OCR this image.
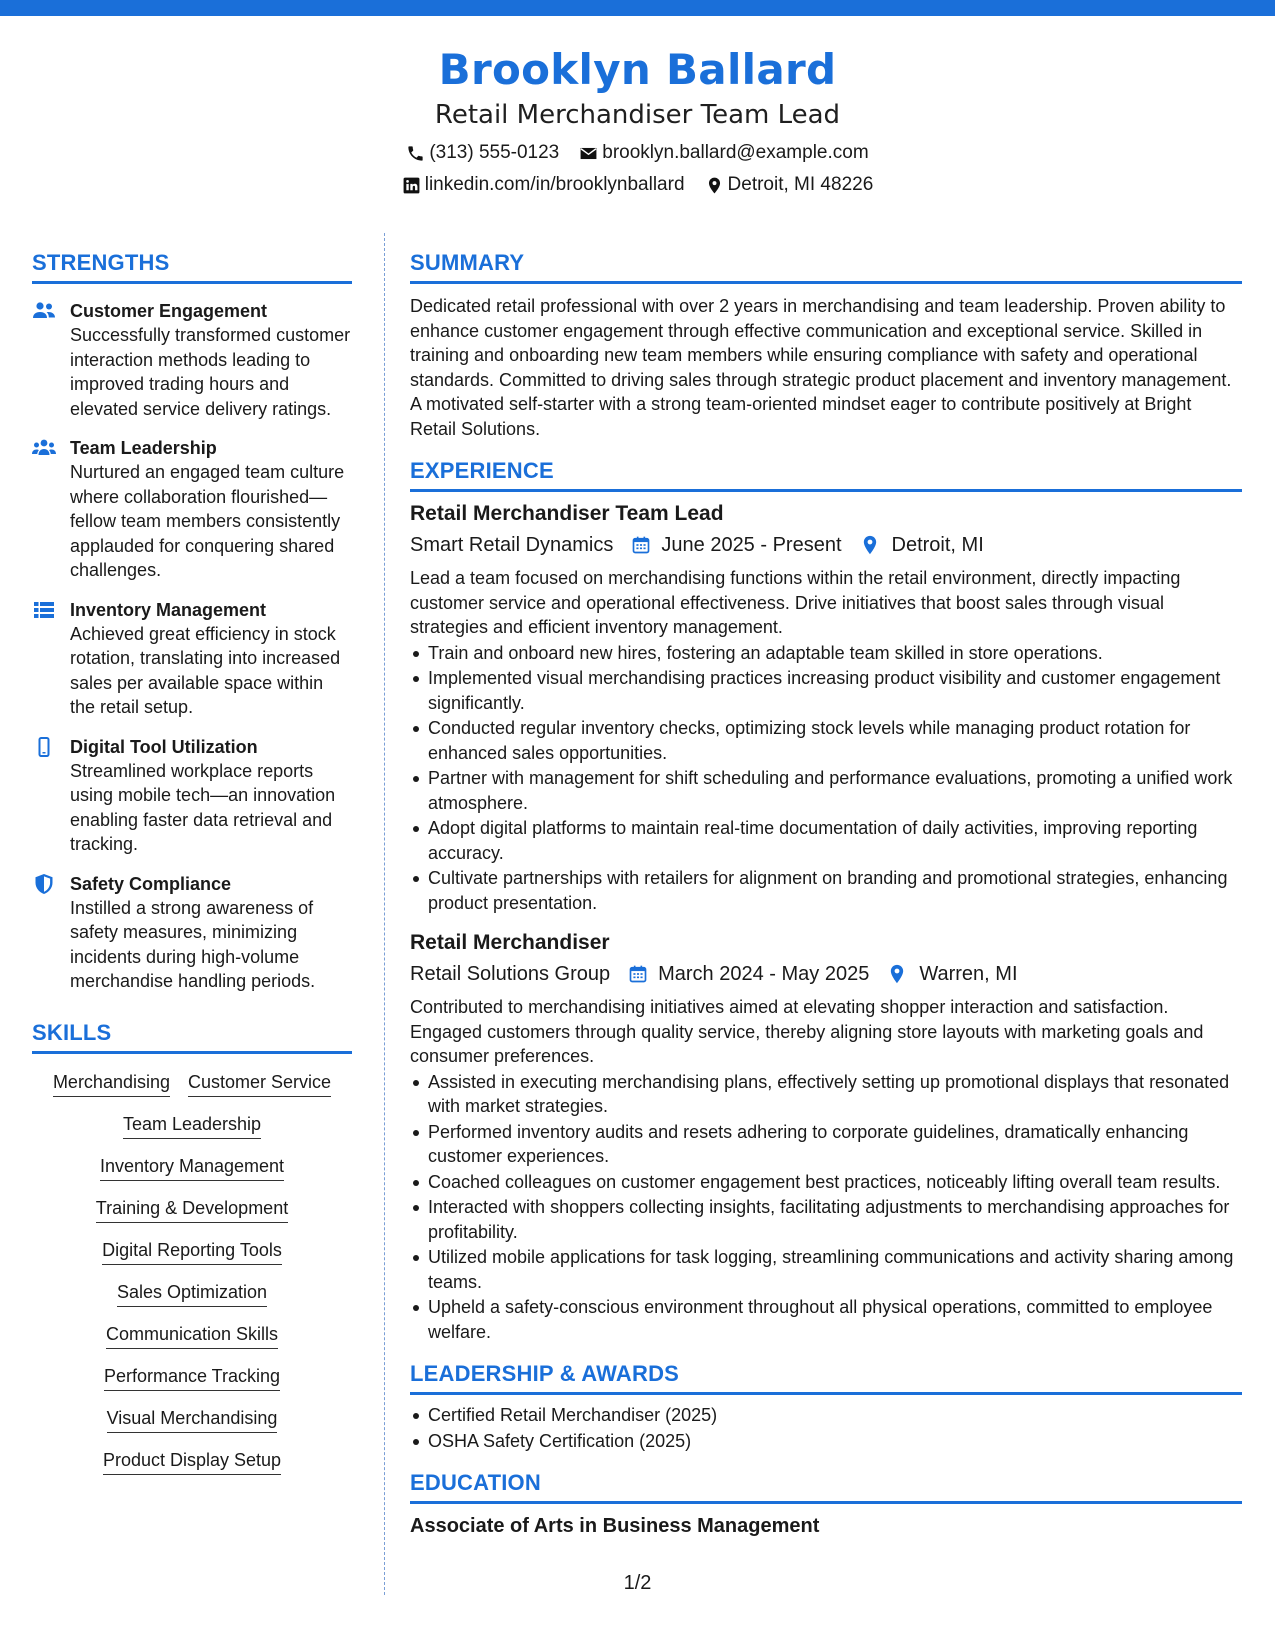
Brooklyn Ballard
Retail Merchandiser Team Lead
(313) 555-0123 brooklyn.ballard@example.com
linkedin.com/in/brooklynballard Detroit, MI 48226
STRENGTHS
Customer Engagement
Successfully transformed customer interaction methods leading to improved trading hours and elevated service delivery ratings.
Team Leadership
Nurtured an engaged team culture where collaboration flourished—fellow team members consistently applauded for conquering shared challenges.
Inventory Management
Achieved great efficiency in stock rotation, translating into increased sales per available space within the retail setup.
Digital Tool Utilization
Streamlined workplace reports using mobile tech—an innovation enabling faster data retrieval and tracking.
Safety Compliance
Instilled a strong awareness of safety measures, minimizing incidents during high-volume merchandise handling periods.
SKILLS
Merchandising Customer Service
Team Leadership
Inventory Management
Training & Development
Digital Reporting Tools
Sales Optimization
Communication Skills
Performance Tracking
Visual Merchandising
Product Display Setup
SUMMARY
Dedicated retail professional with over 2 years in merchandising and team leadership. Proven ability to enhance customer engagement through effective communication and exceptional service. Skilled in training and onboarding new team members while ensuring compliance with safety and operational standards. Committed to driving sales through strategic product placement and inventory management. A motivated self-starter with a strong team-oriented mindset eager to contribute positively at Bright Retail Solutions.
EXPERIENCE
Retail Merchandiser Team Lead
Smart Retail Dynamics June 2025 - Present	Detroit, MI
Lead a team focused on merchandising functions within the retail environment, directly impacting customer service and operational effectiveness. Drive initiatives that boost sales through visual strategies and efficient inventory management.
Train and onboard new hires, fostering an adaptable team skilled in store operations.
Implemented visual merchandising practices increasing product visibility and customer engagement significantly.
Conducted regular inventory checks, optimizing stock levels while managing product rotation for enhanced sales opportunities.
Partner with management for shift scheduling and performance evaluations, promoting a unified work atmosphere.
Adopt digital platforms to maintain real-time documentation of daily activities, improving reporting accuracy.
Cultivate partnerships with retailers for alignment on branding and promotional strategies, enhancing product presentation.
Retail Merchandiser
Retail Solutions Group March 2024 - May 2025	Warren, MI
Contributed to merchandising initiatives aimed at elevating shopper interaction and satisfaction. Engaged customers through quality service, thereby aligning store layouts with marketing goals and consumer preferences.
Assisted in executing merchandising plans, effectively setting up promotional displays that resonated with market strategies.
Performed inventory audits and resets adhering to corporate guidelines, dramatically enhancing customer experiences.
Coached colleagues on customer engagement best practices, noticeably lifting overall team results.
Interacted with shoppers collecting insights, facilitating adjustments to merchandising approaches for profitability.
Utilized mobile applications for task logging, streamlining communications and activity sharing among teams.
Upheld a safety-conscious environment throughout all physical operations, committed to employee welfare.
LEADERSHIP & AWARDS
Certified Retail Merchandiser (2025)
OSHA Safety Certification (2025)
EDUCATION
Associate of Arts in Business Management
1/2
